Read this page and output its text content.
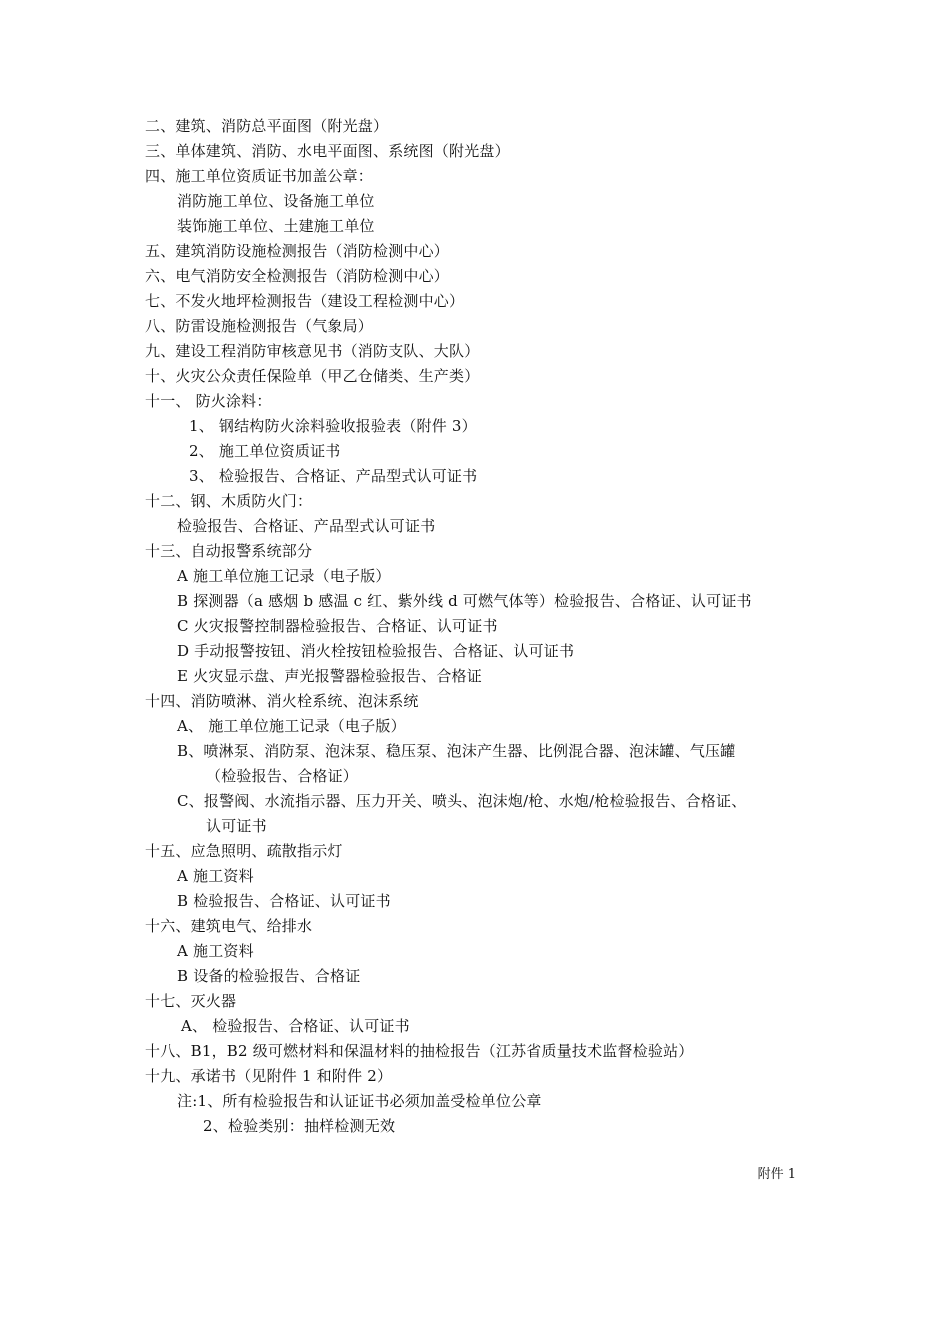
二、建筑、消防总平面图（附光盘）
三、单体建筑、消防、水电平面图、系统图（附光盘）
四、施工单位资质证书加盖公章：
消防施工单位、设备施工单位
装饰施工单位、土建施工单位
五、建筑消防设施检测报告（消防检测中心）
六、电气消防安全检测报告（消防检测中心）
七、不发火地坪检测报告（建设工程检测中心）
八、防雷设施检测报告（气象局）
九、建设工程消防审核意见书（消防支队、大队）
十、火灾公众责任保险单（甲乙仓储类、生产类）
十一、 防火涂料：
1、 钢结构防火涂料验收报验表（附件 3）
2、 施工单位资质证书
3、 检验报告、合格证、产品型式认可证书
十二、钢、木质防火门：
检验报告、合格证、产品型式认可证书
十三、自动报警系统部分
A 施工单位施工记录（电子版）
B 探测器（a 感烟 b 感温 c 红、紫外线 d 可燃气体等）检验报告、合格证、认可证书
C 火灾报警控制器检验报告、合格证、认可证书
D 手动报警按钮、消火栓按钮检验报告、合格证、认可证书
E 火灾显示盘、声光报警器检验报告、合格证
十四、消防喷淋、消火栓系统、泡沫系统
A、 施工单位施工记录（电子版）
B、喷淋泵、消防泵、泡沫泵、稳压泵、泡沫产生器、比例混合器、泡沫罐、气压罐
（检验报告、合格证）
C、报警阀、水流指示器、压力开关、喷头、泡沫炮/枪、水炮/枪检验报告、合格证、
认可证书
十五、应急照明、疏散指示灯
A 施工资料
B 检验报告、合格证、认可证书
十六、建筑电气、给排水
A 施工资料
B 设备的检验报告、合格证
十七、灭火器
A、 检验报告、合格证、认可证书
十八、B1，B2 级可燃材料和保温材料的抽检报告（江苏省质量技术监督检验站）
十九、承诺书（见附件 1 和附件 2）
注:1、所有检验报告和认证证书必须加盖受检单位公章
2、检验类别：抽样检测无效
附件 1
